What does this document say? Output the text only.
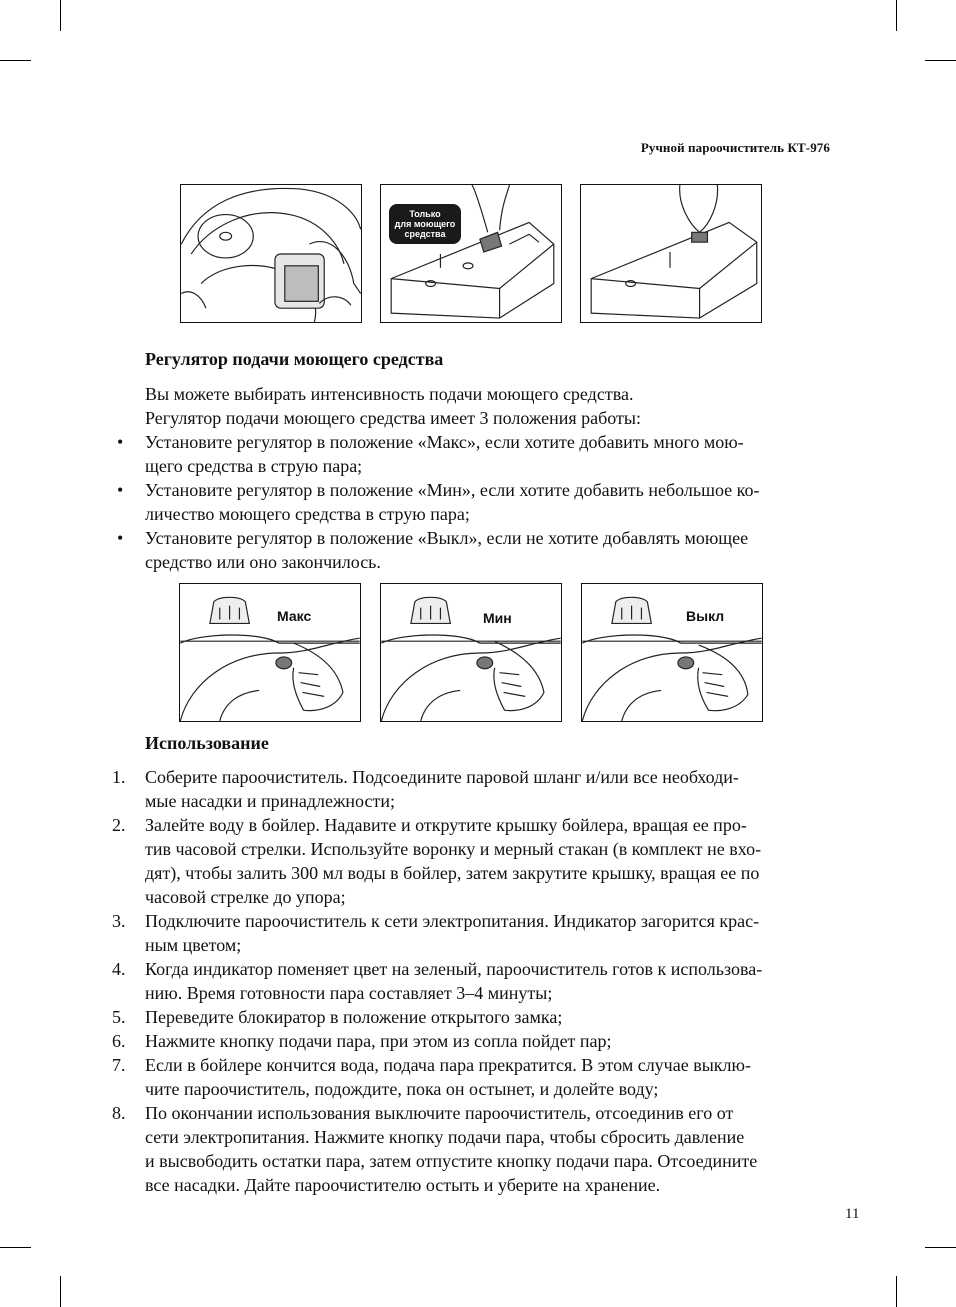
Ручной пароочиститель КТ-976
Только
для моющего
средства
Регулятор подачи моющего средства
Вы можете выбирать интенсивность подачи моющего средства.
Регулятор подачи моющего средства имеет 3 положения работы:
•	Установите регулятор в положение «Макс», если хотите добавить много мою-
щего средства в струю пара;
•	Установите регулятор в положение «Мин», если хотите добавить небольшое ко-
личество моющего средства в струю пара;
•	Установите регулятор в положение «Выкл», если не хотите добавлять моющее
средство или оно закончилось.
Макс	Мин	Выкл
Использование
1.	Соберите пароочиститель. Подсоедините паровой шланг и/или все необходи-
мые насадки и принадлежности;
2.	Залейте воду в бойлер. Надавите и открутите крышку бойлера, вращая ее про-
тив часовой стрелки. Используйте воронку и мерный стакан (в комплект не вхо-
дят), чтобы залить 300 мл воды в бойлер, затем закрутите крышку, вращая ее по
часовой стрелке до упора;
3.	Подключите пароочиститель к сети электропитания. Индикатор загорится крас-
ным цветом;
4.	Когда индикатор поменяет цвет на зеленый, пароочиститель готов к использова-
нию. Время готовности пара составляет 3–4 минуты;
5.	Переведите блокиратор в положение открытого замка;
6.	Нажмите кнопку подачи пара, при этом из сопла пойдет пар;
7.	Если в бойлере кончится вода, подача пара прекратится. В этом случае выклю-
чите пароочиститель, подождите, пока он остынет, и долейте воду;
8.	По окончании использования выключите пароочиститель, отсоединив его от
сети электропитания. Нажмите кнопку подачи пара, чтобы сбросить давление
и высвободить остатки пара, затем отпустите кнопку подачи пара. Отсоедините
все насадки. Дайте пароочистителю остыть и уберите на хранение.
11
